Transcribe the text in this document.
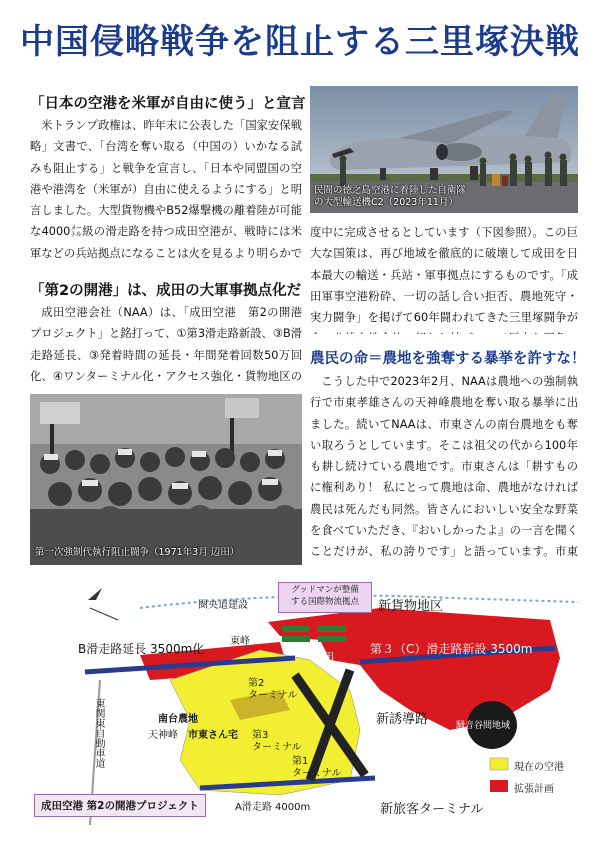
中国侵略戦争を阻止する三里塚決戦
「日本の空港を米軍が自由に使う」と宣言

米トランプ政権は、昨年末に公表した「国家安保戦略」文書で、「台湾を奪い取る（中国の）いかなる試みも阻止する」と戦争を宣言し、「日本や同盟国の空港や港湾を（米軍が）自由に使えるようにする」と明言しました。大型貨物機やB52爆撃機の離着陸が可能な4000㍍級の滑走路を持つ成田空港が、戦時には米軍などの兵站拠点になることは火を見るより明らかで

民間の徳之島空港に着陸した自衛隊
の大型輸送機C2（2023年11月）
「第2の開港」は、成田の大軍事拠点化だ

成田空港会社（NAA）は、「成田空港　第2の開港プロジェクト」と銘打って、①第3滑走路新設、③B滑走路延長、③発着時間の延長・年間発着回数50万回化、④ワンターミナル化・アクセス強化・貨物地区の

第一次強制代執行阻止闘争（1971年3月 辺田）

度中に完成させるとしています（下図参照）。この巨大な国策は、再び地域を徹底的に破壊して成田を日本最大の輸送・兵站・軍事拠点にするものです。「成田軍事空港粉砕、一切の話し合い拒否、農地死守・実力闘争」を掲げて60年闘われてきた三里塚闘争が

農民の命＝農地を強奪する暴挙を許すな！

こうした中で2023年2月、NAAは農地への強制執行で市東孝雄さんの天神峰農地を奪い取る暴挙に出ました。続いてNAAは、市東さんの南台農地をも奪い取ろうとしています。そこは祖父の代から100年も耕し続けている農地です。市東さんは「耕すものに権利あり！ 私にとって農地は命、農地がなければ農民は死んだも同然。皆さんにおいしい安全な野菜を食べていただき、『おいしかったよ』の一言を聞くことだけが、私の誇りです」と語っています。市東

グッドマンが整備
する国際物流拠点
圏央道建設	新貨物地区
B滑走路延長 3500m化
東峰
第３（C）滑走路新設 3500m
菱田
第2
ターミナル
南台農地
天神峰 市東さん宅 第3
ターミナル
第1
ターミナル
新誘導路	騒音谷間地域
東関東自動車道
A滑走路 4000m	新旅客ターミナル
現在の空港
拡張計画
成田空港 第2の開港プロジェクト
